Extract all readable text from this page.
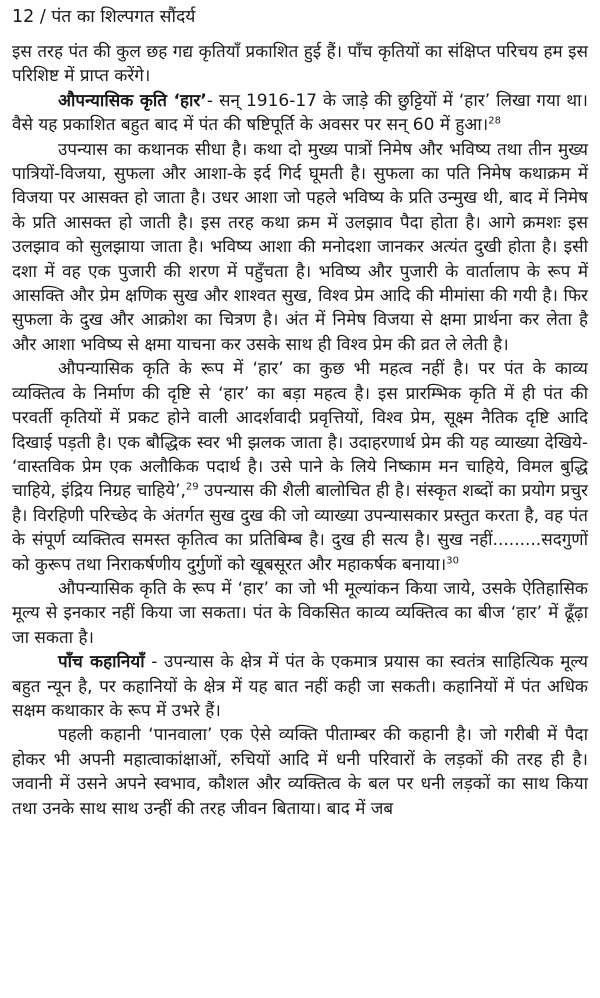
12 / पंत का शिल्पगत सौंदर्य

इस तरह पंत की कुल छह गद्य कृतियाँ प्रकाशित हुई हैं। पाँच कृतियों का संक्षिप्त परिचय हम इस परिशिष्ट में प्राप्त करेंगे।

औपन्यासिक कृति ‘हार’- सन् 1916-17 के जाड़े की छुट्टियों में ‘हार’ लिखा गया था। वैसे यह प्रकाशित बहुत बाद में पंत की षष्टिपूर्ति के अवसर पर सन् 60 में हुआ।$^{28}$

उपन्यास का कथानक सीधा है। कथा दो मुख्य पात्रों निमेष और भविष्य तथा तीन मुख्य पात्रियों-विजया, सुफला और आशा-के इर्द गिर्द घूमती है। सुफला का पति निमेष कथाक्रम में विजया पर आसक्त हो जाता है। उधर आशा जो पहले भविष्य के प्रति उन्मुख थी, बाद में निमेष के प्रति आसक्त हो जाती है। इस तरह कथा क्रम में उलझाव पैदा होता है। आगे क्रमशः इस उलझाव को सुलझाया जाता है। भविष्य आशा की मनोदशा जानकर अत्यंत दुखी होता है। इसी दशा में वह एक पुजारी की शरण में पहुँचता है। भविष्य और पुजारी के वार्तालाप के रूप में आसक्ति और प्रेम क्षणिक सुख और शाश्वत सुख, विश्व प्रेम आदि की मीमांसा की गयी है। फिर सुफला के दुख और आक्रोश का चित्रण है। अंत में निमेष विजया से क्षमा प्रार्थना कर लेता है और आशा भविष्य से क्षमा याचना कर उसके साथ ही विश्व प्रेम की व्रत ले लेती है।

औपन्यासिक कृति के रूप में ‘हार’ का कुछ भी महत्व नहीं है। पर पंत के काव्य व्यक्तित्व के निर्माण की दृष्टि से ‘हार’ का बड़ा महत्व है। इस प्रारम्भिक कृति में ही पंत की परवर्ती कृतियों में प्रकट होने वाली आदर्शवादी प्रवृत्तियों, विश्व प्रेम, सूक्ष्म नैतिक दृष्टि आदि दिखाई पड़ती है। एक बौद्धिक स्वर भी झलक जाता है। उदाहरणार्थ प्रेम की यह व्याख्या देखिये- ‘वास्तविक प्रेम एक अलौकिक पदार्थ है। उसे पाने के लिये निष्काम मन चाहिये, विमल बुद्धि चाहिये, इंद्रिय निग्रह चाहिये’,$^{29}$ उपन्यास की शैली बालोचित ही है। संस्कृत शब्दों का प्रयोग प्रचुर है। विरहिणी परिच्छेद के अंतर्गत सुख दुख की जो व्याख्या उपन्यासकार प्रस्तुत करता है, वह पंत के संपूर्ण व्यक्तित्व समस्त कृतित्व का प्रतिबिम्ब है। दुख ही सत्य है। सुख नहीं.........सदगुणों को कुरूप तथा निराकर्षणीय दुर्गुणों को खूबसूरत और महाकर्षक बनाया।$^{30}$

औपन्यासिक कृति के रूप में ‘हार’ का जो भी मूल्यांकन किया जाये, उसके ऐतिहासिक मूल्य से इनकार नहीं किया जा सकता। पंत के विकसित काव्य व्यक्तित्व का बीज ‘हार’ में ढूँढ़ा जा सकता है।

पाँच कहानियाँ - उपन्यास के क्षेत्र में पंत के एकमात्र प्रयास का स्वतंत्र साहित्यिक मूल्य बहुत न्यून है, पर कहानियों के क्षेत्र में यह बात नहीं कही जा सकती। कहानियों में पंत अधिक सक्षम कथाकार के रूप में उभरे हैं।

पहली कहानी ‘पानवाला’ एक ऐसे व्यक्ति पीताम्बर की कहानी है। जो गरीबी में पैदा होकर भी अपनी महात्वाकांक्षाओं, रुचियों आदि में धनी परिवारों के लड़कों की तरह ही है। जवानी में उसने अपने स्वभाव, कौशल और व्यक्तित्व के बल पर धनी लड़कों का साथ किया तथा उनके साथ साथ उन्हीं की तरह जीवन बिताया। बाद में जब
